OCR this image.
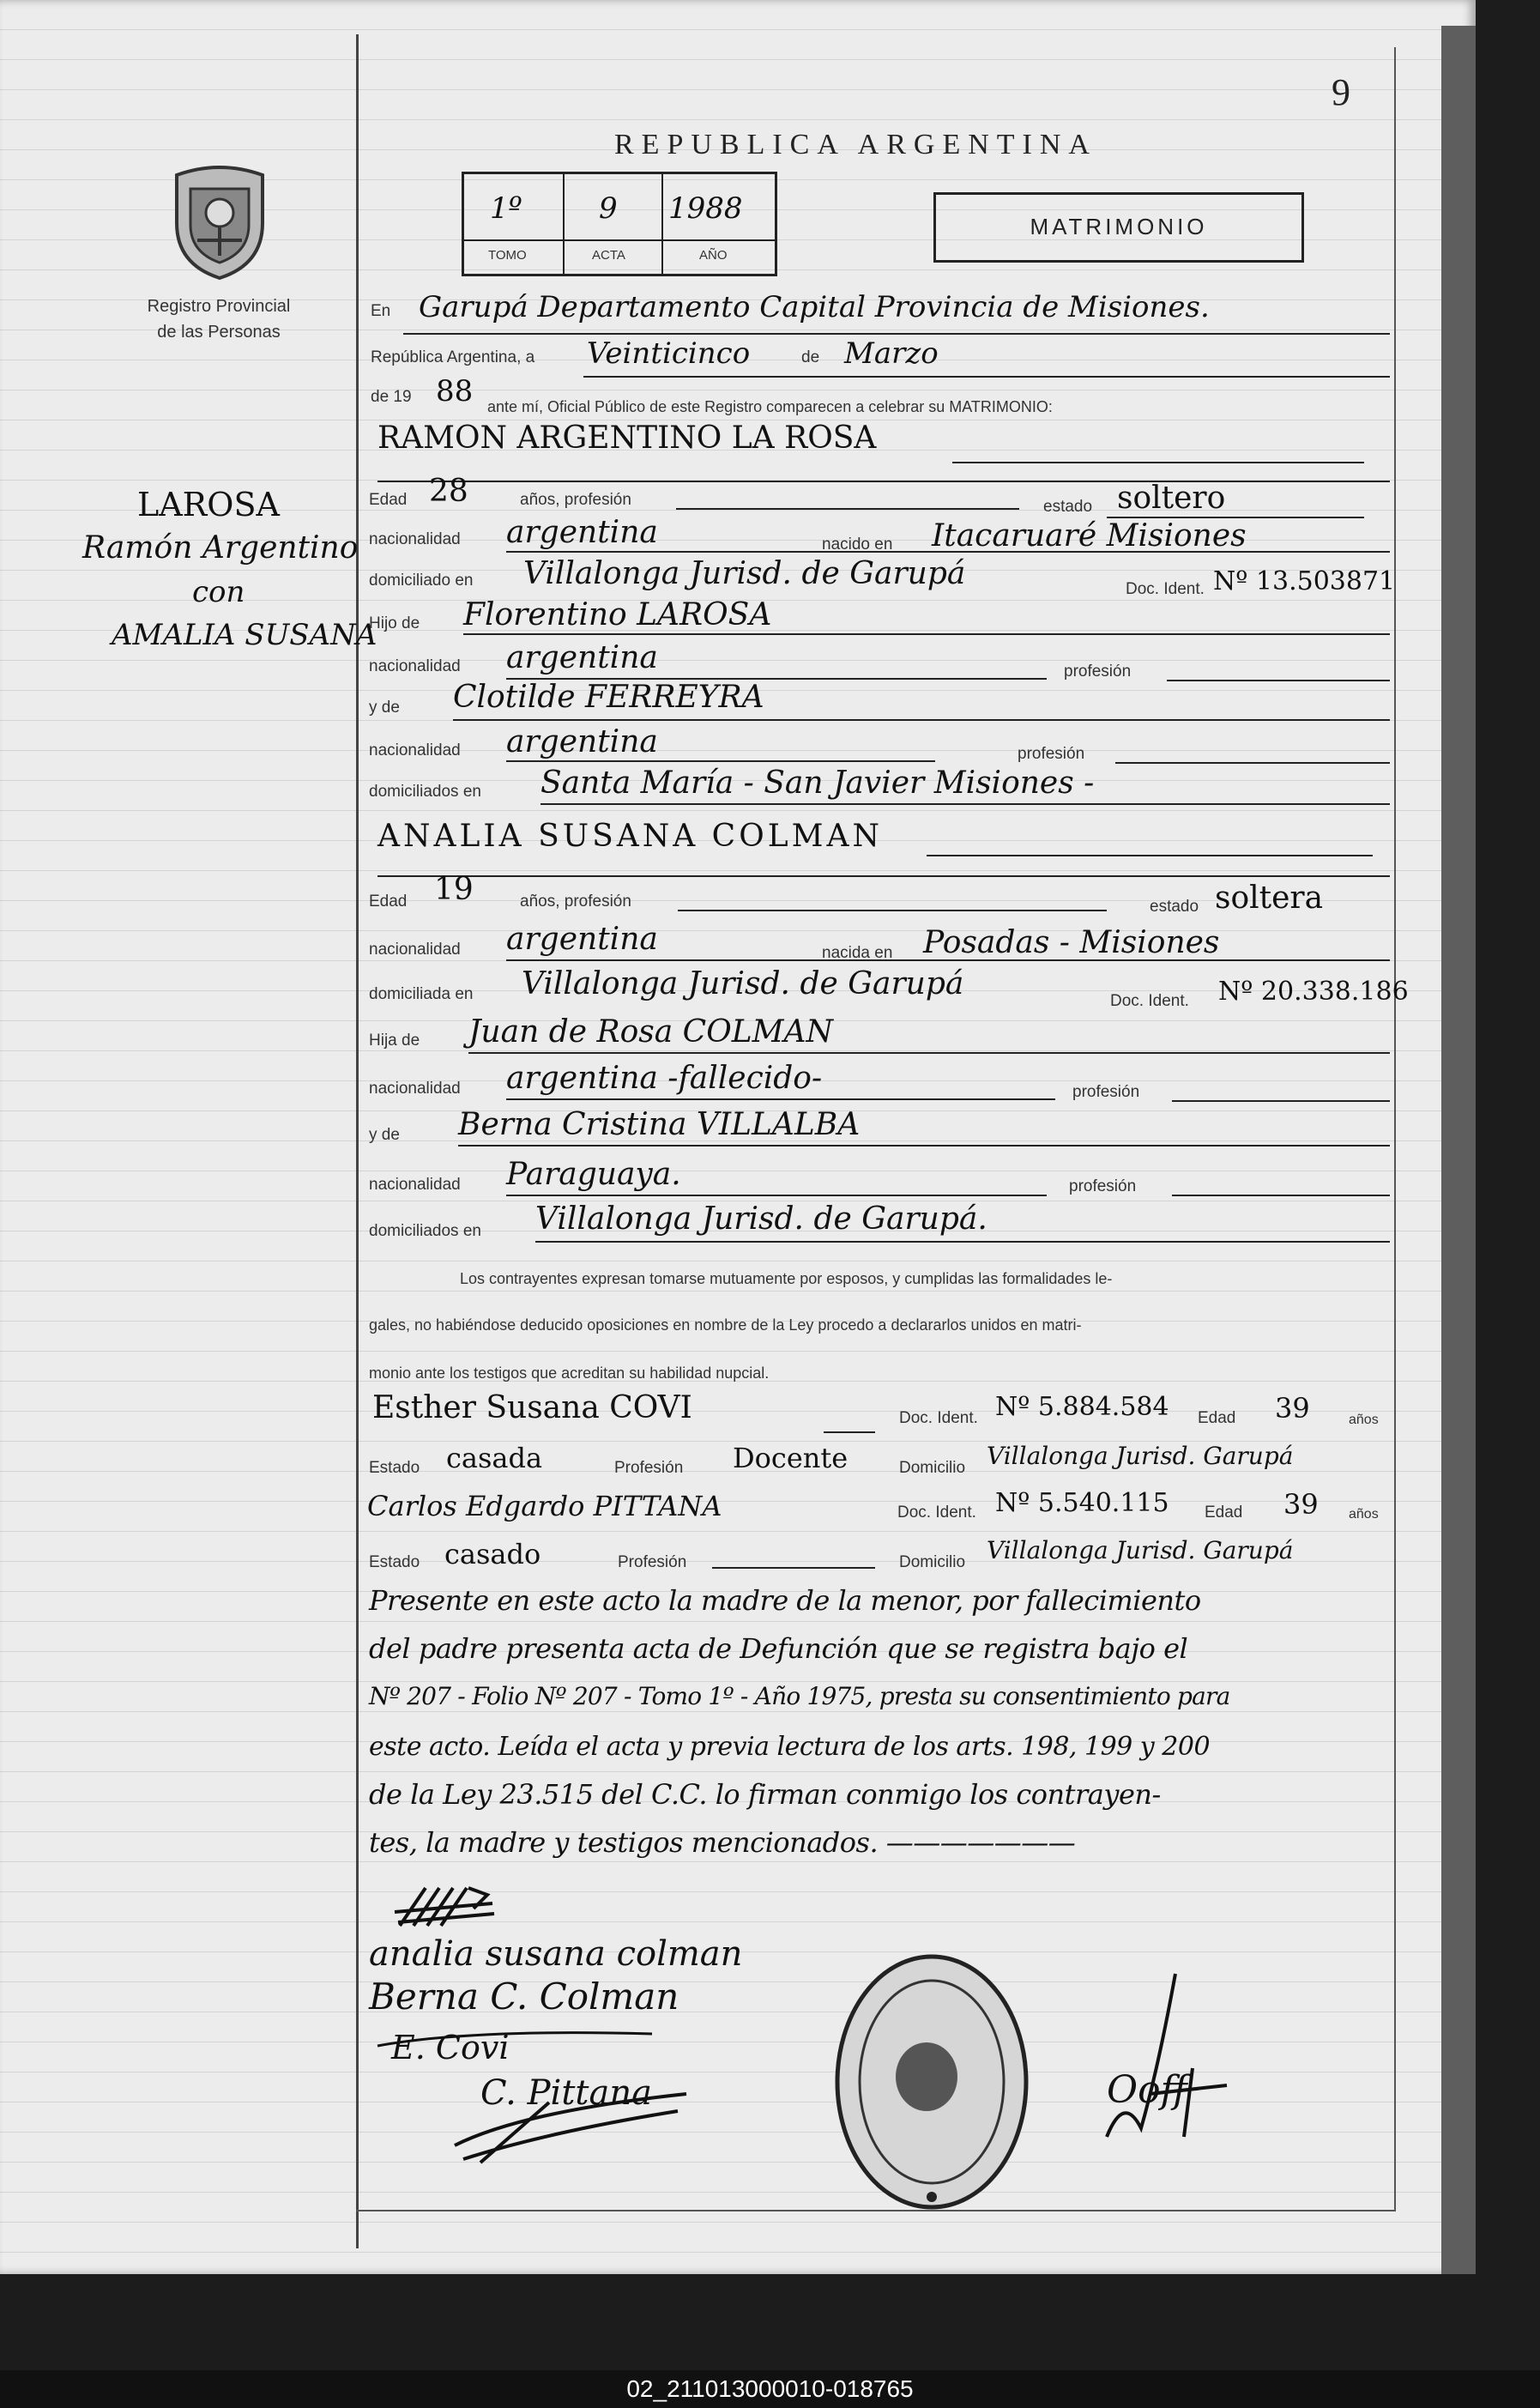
9
REPUBLICA ARGENTINA
1º
TOMO
9
ACTA
1988
AÑO
MATRIMONIO
Registro Provincial
de las Personas
LAROSA
Ramón Argentino
con
AMALIA SUSANA
En Garupá Departamento Capital Provincia de Misiones.
República Argentina, a Veinticinco	de Marzo
de 19 88 ante mí, Oficial Público de este Registro comparecen a celebrar su MATRIMONIO:
RAMON ARGENTINO LA ROSA
Edad 28	años, profesión	estado soltero
nacionalidad argentina	nacido en Itacaruaré Misiones
domiciliado en Villalonga Jurisd. de Garupá	Doc. Ident. Nº 13.503871
Hijo de Florentino LAROSA
nacionalidad argentina	profesión
y de Clotilde FERREYRA
nacionalidad argentina	profesión
domiciliados en Santa María - San Javier Misiones -
ANALIA SUSANA COLMAN
Edad 19	años, profesión	estado soltera
nacionalidad argentina	nacida en Posadas - Misiones
domiciliada en Villalonga Jurisd. de Garupá	Doc. Ident. Nº 20.338.186
Hija de Juan de Rosa COLMAN
nacionalidad argentina -fallecido-	profesión
y de Berna Cristina VILLALBA
nacionalidad Paraguaya.	profesión
domiciliados en Villalonga Jurisd. de Garupá.
Los contrayentes expresan tomarse mutuamente por esposos, y cumplidas las formalidades le-
gales, no habiéndose deducido oposiciones en nombre de la Ley procedo a declararlos unidos en matri-
monio ante los testigos que acreditan su habilidad nupcial.
Esther Susana COVI	Doc. Ident. Nº 5.884.584 Edad 39	años
Estado casada	Profesión Docente	Domicilio Villalonga Jurisd. Garupá
Carlos Edgardo PITTANA	Doc. Ident. Nº 5.540.115 Edad 39 años
Estado casado	Profesión	Domicilio Villalonga Jurisd. Garupá
Presente en este acto la madre de la menor, por fallecimiento
del padre presenta acta de Defunción que se registra bajo el
Nº 207 - Folio Nº 207 - Tomo 1º - Año 1975, presta su consentimiento para
este acto. Leída el acta y previa lectura de los arts. 198, 199 y 200
de la Ley 23.515 del C.C. lo firman conmigo los contrayen-
tes, la madre y testigos mencionados. ———————
analia susana colman
Berna C. Colman
E. Covi
C. Pittana	Ooff
02_211013000010-018765
